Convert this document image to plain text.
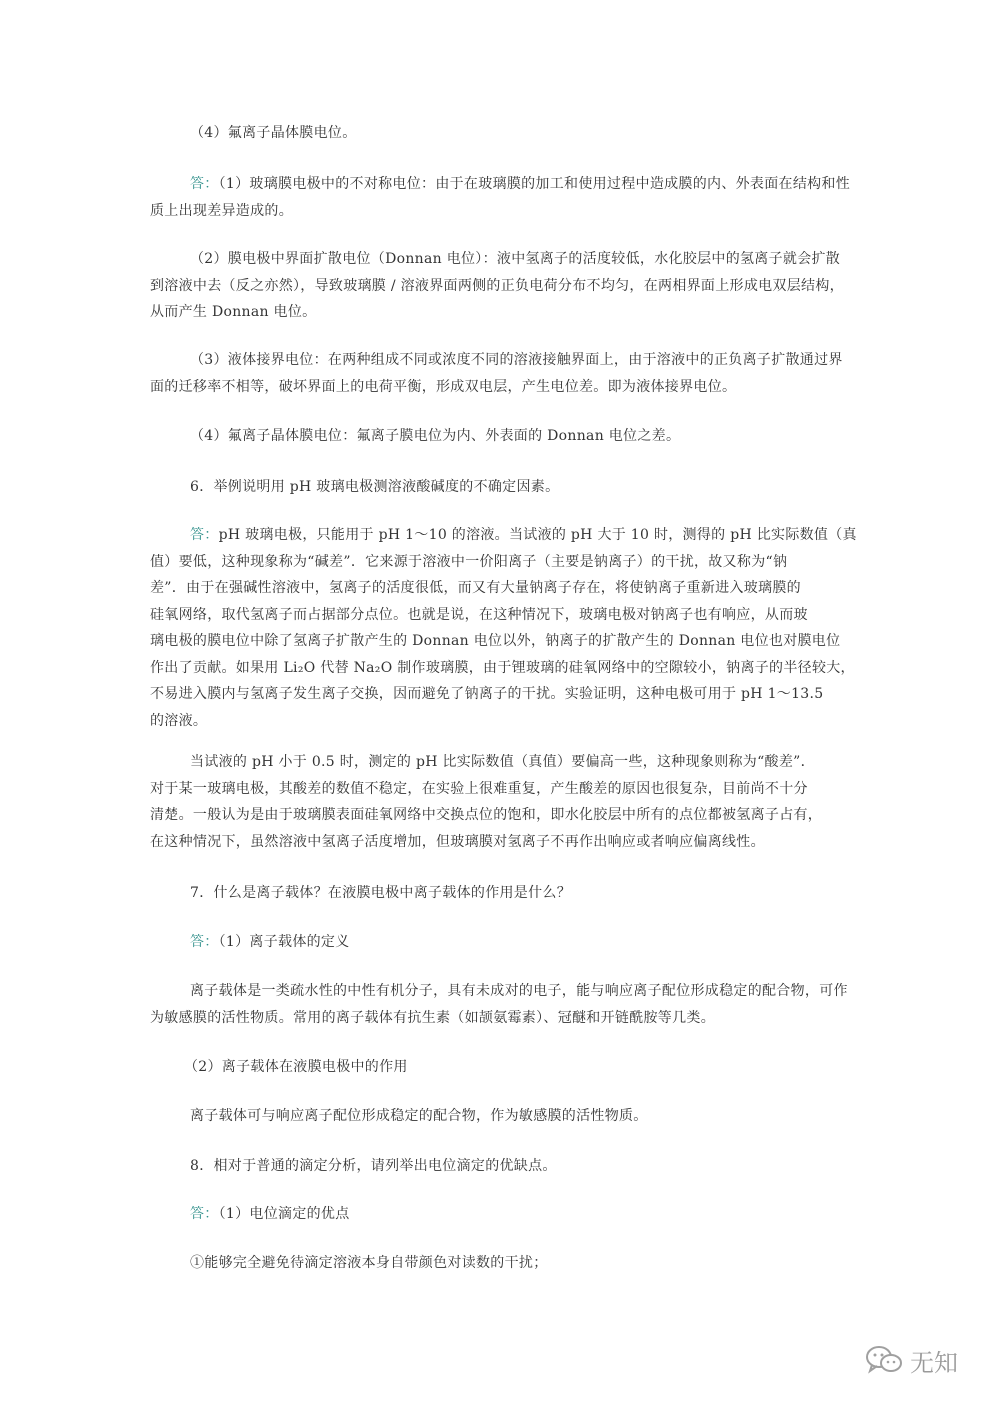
（4）氟离子晶体膜电位。

答：（1）玻璃膜电极中的不对称电位：由于在玻璃膜的加工和使用过程中造成膜的内、外表面在结构和性质上出现差异造成的。

（2）膜电极中界面扩散电位（Donnan 电位）：液中氢离子的活度较低，水化胶层中的氢离子就会扩散到溶液中去（反之亦然），导致玻璃膜 / 溶液界面两侧的正负电荷分布不均匀，在两相界面上形成电双层结构，从而产生 Donnan 电位。

（3）液体接界电位：在两种组成不同或浓度不同的溶液接触界面上，由于溶液中的正负离子扩散通过界面的迁移率不相等，破坏界面上的电荷平衡，形成双电层，产生电位差。即为液体接界电位。

（4）氟离子晶体膜电位：氟离子膜电位为内、外表面的 Donnan 电位之差。

6．举例说明用 pH 玻璃电极测溶液酸碱度的不确定因素。

答：pH 玻璃电极，只能用于 pH 1～10 的溶液。当试液的 pH 大于 10 时，测得的 pH 比实际数值（真
值）要低，这种现象称为“碱差”．它来源于溶液中一价阳离子（主要是钠离子）的干扰，故又称为“钠
差”．由于在强碱性溶液中，氢离子的活度很低，而又有大量钠离子存在，将使钠离子重新进入玻璃膜的
硅氧网络，取代氢离子而占据部分点位。也就是说，在这种情况下，玻璃电极对钠离子也有响应，从而玻
璃电极的膜电位中除了氢离子扩散产生的 Donnan 电位以外，钠离子的扩散产生的 Donnan 电位也对膜电位
作出了贡献。如果用 Li₂O 代替 Na₂O 制作玻璃膜，由于锂玻璃的硅氧网络中的空隙较小，钠离子的半径较大，
不易进入膜内与氢离子发生离子交换，因而避免了钠离子的干扰。实验证明，这种电极可用于 pH 1～13.5
的溶液。
当试液的 pH 小于 0.5 时，测定的 pH 比实际数值（真值）要偏高一些，这种现象则称为“酸差”．
对于某一玻璃电极，其酸差的数值不稳定，在实验上很难重复，产生酸差的原因也很复杂，目前尚不十分
清楚。一般认为是由于玻璃膜表面硅氧网络中交换点位的饱和，即水化胶层中所有的点位都被氢离子占有，
在这种情况下，虽然溶液中氢离子活度增加，但玻璃膜对氢离子不再作出响应或者响应偏离线性。

7．什么是离子载体？在液膜电极中离子载体的作用是什么？

答：（1）离子载体的定义

离子载体是一类疏水性的中性有机分子，具有未成对的电子，能与响应离子配位形成稳定的配合物，可作为敏感膜的活性物质。常用的离子载体有抗生素（如颉氨霉素）、冠醚和开链酰胺等几类。

（2）离子载体在液膜电极中的作用

离子载体可与响应离子配位形成稳定的配合物，作为敏感膜的活性物质。

8．相对于普通的滴定分析，请列举出电位滴定的优缺点。

答：（1）电位滴定的优点

①能够完全避免待滴定溶液本身自带颜色对读数的干扰；

无知
